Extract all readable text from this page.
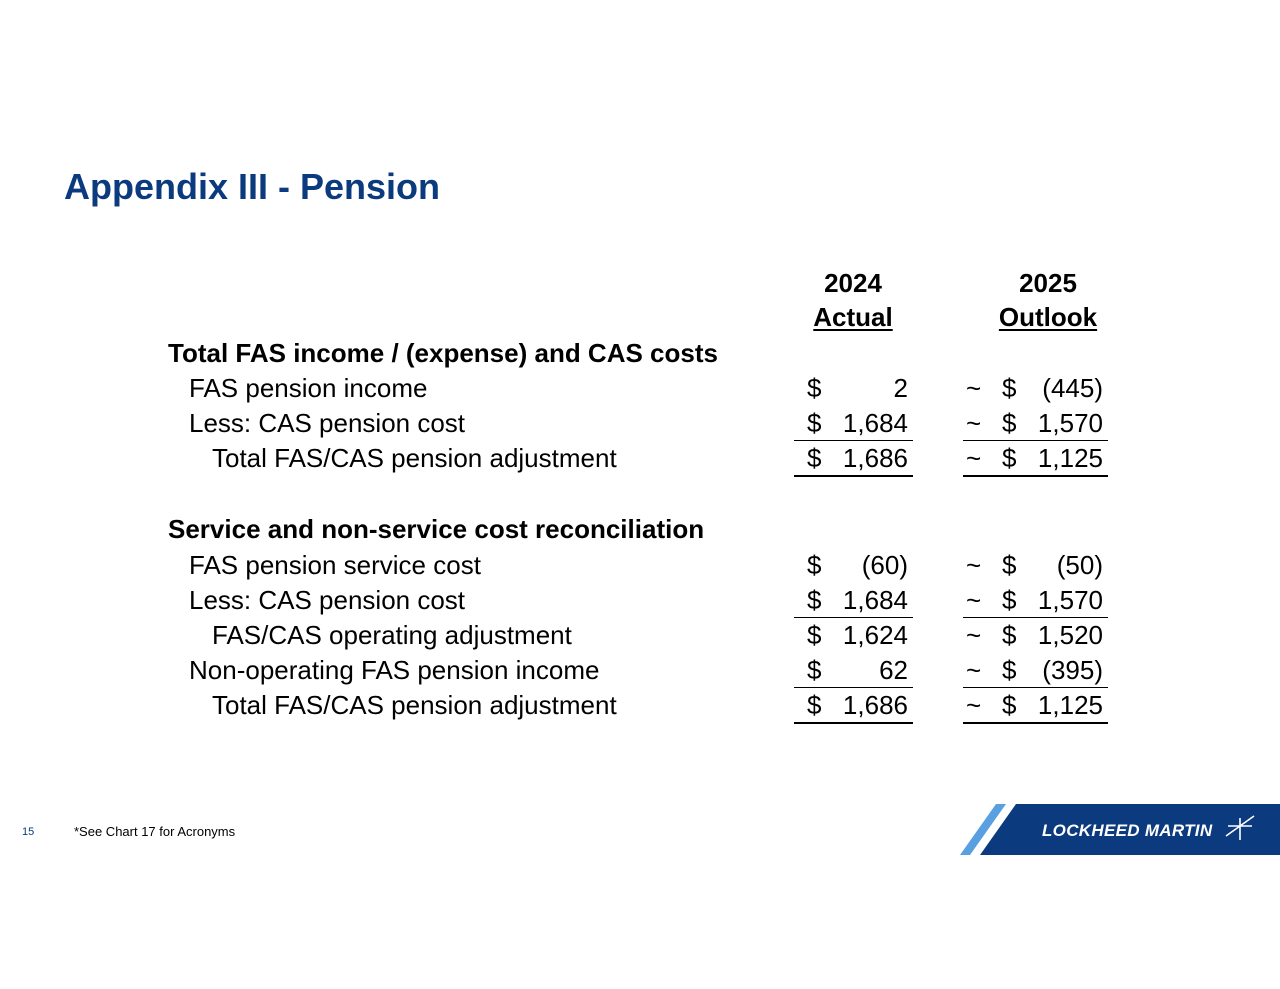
Appendix III - Pension
2024
Actual
2025
Outlook
Total FAS income / (expense) and CAS costs
FAS pension income	$	2 ~ $ (445)
Less: CAS pension cost	$ 1,684 ~ $ 1,570
Total FAS/CAS pension adjustment	$ 1,686 ~ $ 1,125
Service and non-service cost reconciliation
FAS pension service cost	$ (60) ~ $ (50)
Less: CAS pension cost	$ 1,684 ~ $ 1,570
FAS/CAS operating adjustment	$ 1,624 ~ $ 1,520
Non-operating FAS pension income	$ 62 ~ $ (395)
Total FAS/CAS pension adjustment	$ 1,686 ~ $ 1,125
15	*See Chart 17 for Acronyms	LOCKHEED MARTIN
